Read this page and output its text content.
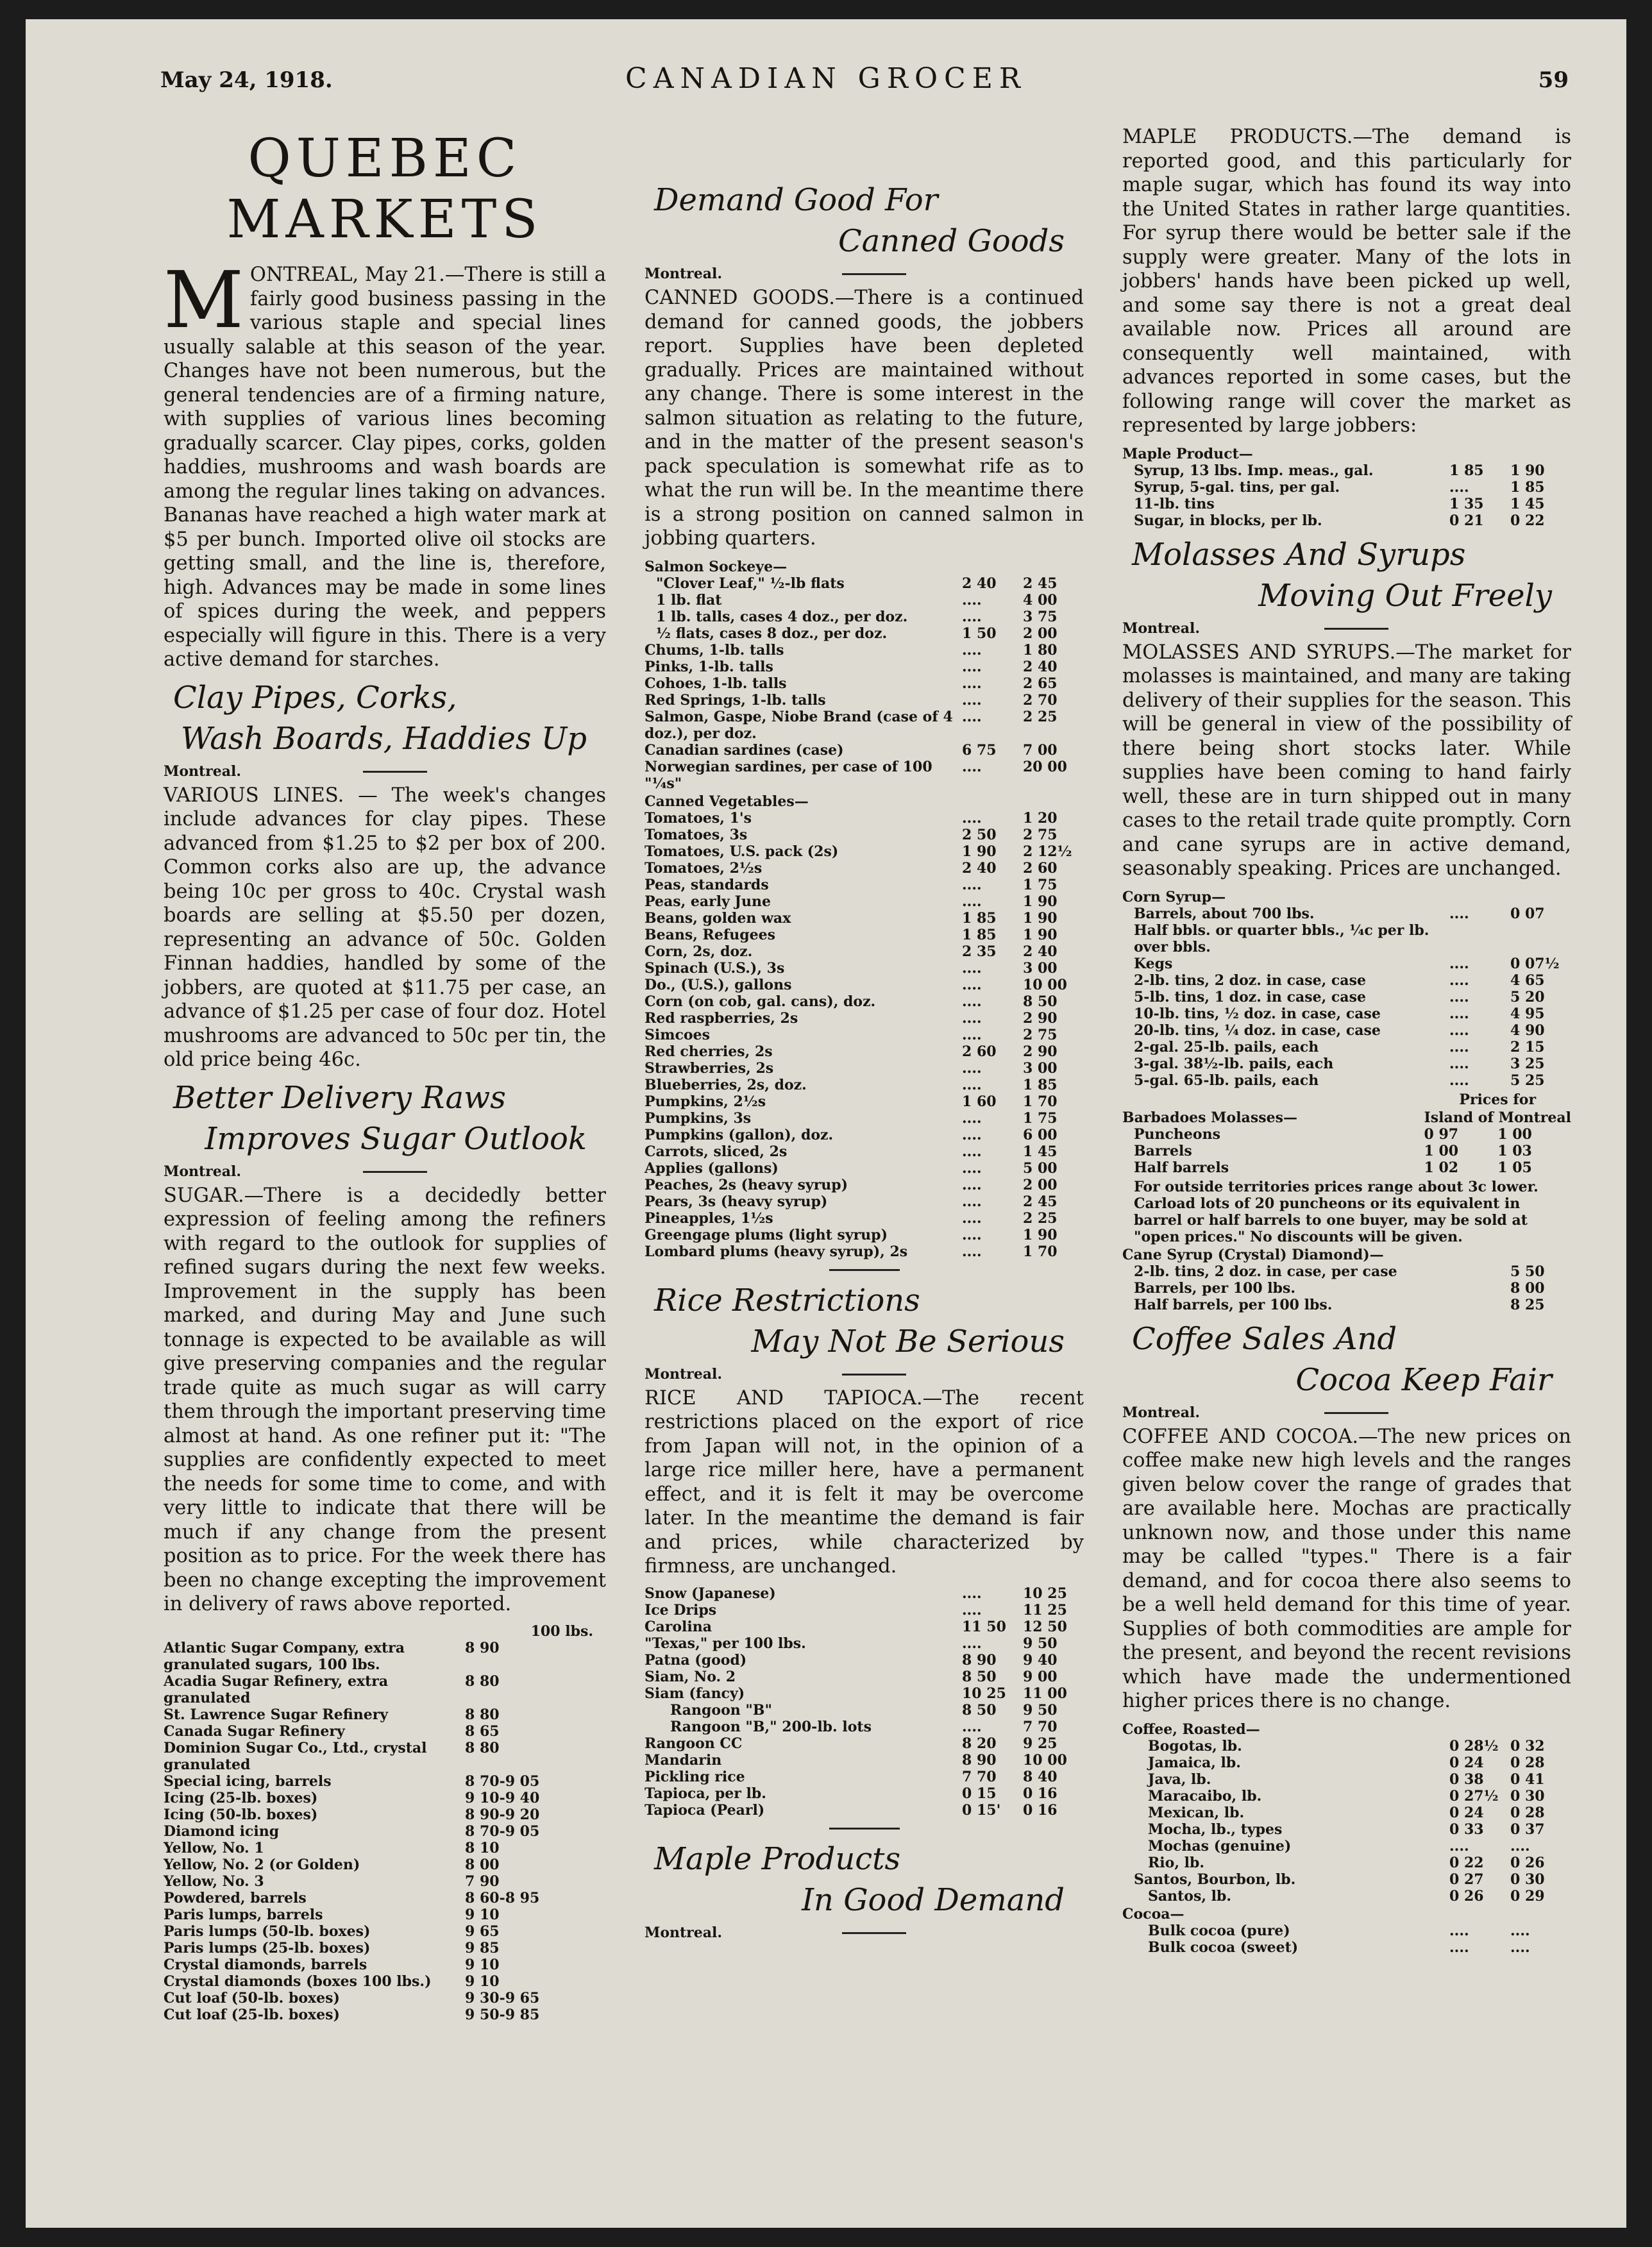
May 24, 1918.	CANADIAN GROCER	59
QUEBEC MARKETS

MONTREAL, May 21.—There is still a fairly good business passing in the various staple and special lines usually salable at this season of the year. Changes have not been numerous, but the general tendencies are of a firming nature, with supplies of various lines becoming gradually scarcer. Clay pipes, corks, golden haddies, mushrooms and wash boards are among the regular lines taking on advances. Bananas have reached a high water mark at $5 per bunch. Imported olive oil stocks are getting small, and the line is, therefore, high. Advances may be made in some lines of spices during the week, and peppers especially will figure in this. There is a very active demand for starches.

Clay Pipes, Corks,
Wash Boards, Haddies Up
Montreal.

VARIOUS LINES. — The week's changes include advances for clay pipes. These advanced from $1.25 to $2 per box of 200. Common corks also are up, the advance being 10c per gross to 40c. Crystal wash boards are selling at $5.50 per dozen, representing an advance of 50c. Golden Finnan haddies, handled by some of the jobbers, are quoted at $11.75 per case, an advance of $1.25 per case of four doz. Hotel mushrooms are advanced to 50c per tin, the old price being 46c.

Better Delivery Raws
Improves Sugar Outlook
Montreal.

SUGAR.—There is a decidedly better expression of feeling among the refiners with regard to the outlook for supplies of refined sugars during the next few weeks. Improvement in the supply has been marked, and during May and June such tonnage is expected to be available as will give preserving companies and the regular trade quite as much sugar as will carry them through the important preserving time almost at hand. As one refiner put it: "The supplies are confidently expected to meet the needs for some time to come, and with very little to indicate that there will be much if any change from the present position as to price. For the week there has been no change excepting the improvement in delivery of raws above reported.

	100 lbs.
Atlantic Sugar Company, extra granulated sugars, 100 lbs.	8 90
Acadia Sugar Refinery, extra granulated	8 80
St. Lawrence Sugar Refinery	8 80
Canada Sugar Refinery	8 65
Dominion Sugar Co., Ltd., crystal granulated	8 80
Special icing, barrels	8 70-9 05
Icing (25-lb. boxes)	9 10-9 40
Icing (50-lb. boxes)	8 90-9 20
Diamond icing	8 70-9 05
Yellow, No. 1	8 10
Yellow, No. 2 (or Golden)	8 00
Yellow, No. 3	7 90
Powdered, barrels	8 60-8 95
Paris lumps, barrels	9 10
Paris lumps (50-lb. boxes)	9 65
Paris lumps (25-lb. boxes)	9 85
Crystal diamonds, barrels	9 10
Crystal diamonds (boxes 100 lbs.)	9 10
Cut loaf (50-lb. boxes)	9 30-9 65
Cut loaf (25-lb. boxes)	9 50-9 85
Demand Good For
Canned Goods
Montreal.

CANNED GOODS.—There is a continued demand for canned goods, the jobbers report. Supplies have been depleted gradually. Prices are maintained without any change. There is some interest in the salmon situation as relating to the future, and in the matter of the present season's pack speculation is somewhat rife as to what the run will be. In the meantime there is a strong position on canned salmon in jobbing quarters.

Salmon Sockeye—		
"Clover Leaf," ½-lb flats	2 40	2 45
1 lb. flat	....	4 00
1 lb. talls, cases 4 doz., per doz.	....	3 75
½ flats, cases 8 doz., per doz.	1 50	2 00
Chums, 1-lb. talls	....	1 80
Pinks, 1-lb. talls	....	2 40
Cohoes, 1-lb. talls	....	2 65
Red Springs, 1-lb. talls	....	2 70
Salmon, Gaspe, Niobe Brand (case of 4 doz.), per doz.	....	2 25
Canadian sardines (case)	6 75	7 00
Norwegian sardines, per case of 100 "¼s"	....	20 00
Canned Vegetables—		
Tomatoes, 1's	....	1 20
Tomatoes, 3s	2 50	2 75
Tomatoes, U.S. pack (2s)	1 90	2 12½
Tomatoes, 2½s	2 40	2 60
Peas, standards	....	1 75
Peas, early June	....	1 90
Beans, golden wax	1 85	1 90
Beans, Refugees	1 85	1 90
Corn, 2s, doz.	2 35	2 40
Spinach (U.S.), 3s	....	3 00
Do., (U.S.), gallons	....	10 00
Corn (on cob, gal. cans), doz.	....	8 50
Red raspberries, 2s	....	2 90
Simcoes	....	2 75
Red cherries, 2s	2 60	2 90
Strawberries, 2s	....	3 00
Blueberries, 2s, doz.	....	1 85
Pumpkins, 2½s	1 60	1 70
Pumpkins, 3s	....	1 75
Pumpkins (gallon), doz.	....	6 00
Carrots, sliced, 2s	....	1 45
Applies (gallons)	....	5 00
Peaches, 2s (heavy syrup)	....	2 00
Pears, 3s (heavy syrup)	....	2 45
Pineapples, 1½s	....	2 25
Greengage plums (light syrup)	....	1 90
Lombard plums (heavy syrup), 2s	....	1 70
Rice Restrictions
May Not Be Serious
Montreal.

RICE AND TAPIOCA.—The recent restrictions placed on the export of rice from Japan will not, in the opinion of a large rice miller here, have a permanent effect, and it is felt it may be overcome later. In the meantime the demand is fair and prices, while characterized by firmness, are unchanged.

Snow (Japanese)	....	10 25
Ice Drips	....	11 25
Carolina	11 50	12 50
"Texas," per 100 lbs.	....	9 50
Patna (good)	8 90	9 40
Siam, No. 2	8 50	9 00
Siam (fancy)	10 25	11 00
Rangoon "B"	8 50	9 50
Rangoon "B," 200-lb. lots	....	7 70
Rangoon CC	8 20	9 25
Mandarin	8 90	10 00
Pickling rice	7 70	8 40
Tapioca, per lb.	0 15	0 16
Tapioca (Pearl)	0 15'	0 16
Maple Products
In Good Demand
Montreal.

MAPLE PRODUCTS.—The demand is reported good, and this particularly for maple sugar, which has found its way into the United States in rather large quantities. For syrup there would be better sale if the supply were greater. Many of the lots in jobbers' hands have been picked up well, and some say there is not a great deal available now. Prices all around are consequently well maintained, with advances reported in some cases, but the following range will cover the market as represented by large jobbers:

Maple Product—		
Syrup, 13 lbs. Imp. meas., gal.	1 85	1 90
Syrup, 5-gal. tins, per gal.	....	1 85
11-lb. tins	1 35	1 45
Sugar, in blocks, per lb.	0 21	0 22
Molasses And Syrups
Moving Out Freely
Montreal.

MOLASSES AND SYRUPS.—The market for molasses is maintained, and many are taking delivery of their supplies for the season. This will be general in view of the possibility of there being short stocks later. While supplies have been coming to hand fairly well, these are in turn shipped out in many cases to the retail trade quite promptly. Corn and cane syrups are in active demand, seasonably speaking. Prices are unchanged.

Corn Syrup—		
Barrels, about 700 lbs.	....	0 07
Half bbls. or quarter bbls., ¼c per lb. over bbls.		
Kegs	....	0 07½
2-lb. tins, 2 doz. in case, case	....	4 65
5-lb. tins, 1 doz. in case, case	....	5 20
10-lb. tins, ½ doz. in case, case	....	4 95
20-lb. tins, ¼ doz. in case, case	....	4 90
2-gal. 25-lb. pails, each	....	2 15
3-gal. 38½-lb. pails, each	....	3 25
5-gal. 65-lb. pails, each	....	5 25
	Prices for	
Barbadoes Molasses—	Island of Montreal	
Puncheons	0 97	1 00
Barrels	1 00	1 03
Half barrels	1 02	1 05

For outside territories prices range about 3c lower.

Carload lots of 20 puncheons or its equivalent in barrel or half barrels to one buyer, may be sold at "open prices." No discounts will be given.

Cane Syrup (Crystal) Diamond)—	
2-lb. tins, 2 doz. in case, per case	5 50
Barrels, per 100 lbs.	8 00
Half barrels, per 100 lbs.	8 25
Coffee Sales And
Cocoa Keep Fair
Montreal.

COFFEE AND COCOA.—The new prices on coffee make new high levels and the ranges given below cover the range of grades that are available here. Mochas are practically unknown now, and those under this name may be called "types." There is a fair demand, and for cocoa there also seems to be a well held demand for this time of year. Supplies of both commodities are ample for the present, and beyond the recent revisions which have made the undermentioned higher prices there is no change.

Coffee, Roasted—		
Bogotas, lb.	0 28½	0 32
Jamaica, lb.	0 24	0 28
Java, lb.	0 38	0 41
Maracaibo, lb.	0 27½	0 30
Mexican, lb.	0 24	0 28
Mocha, lb., types	0 33	0 37
Mochas (genuine)	....	....
Rio, lb.	0 22	0 26
Santos, Bourbon, lb.	0 27	0 30
Santos, lb.	0 26	0 29
Cocoa—		
Bulk cocoa (pure)	....	....
Bulk cocoa (sweet)	....	....
